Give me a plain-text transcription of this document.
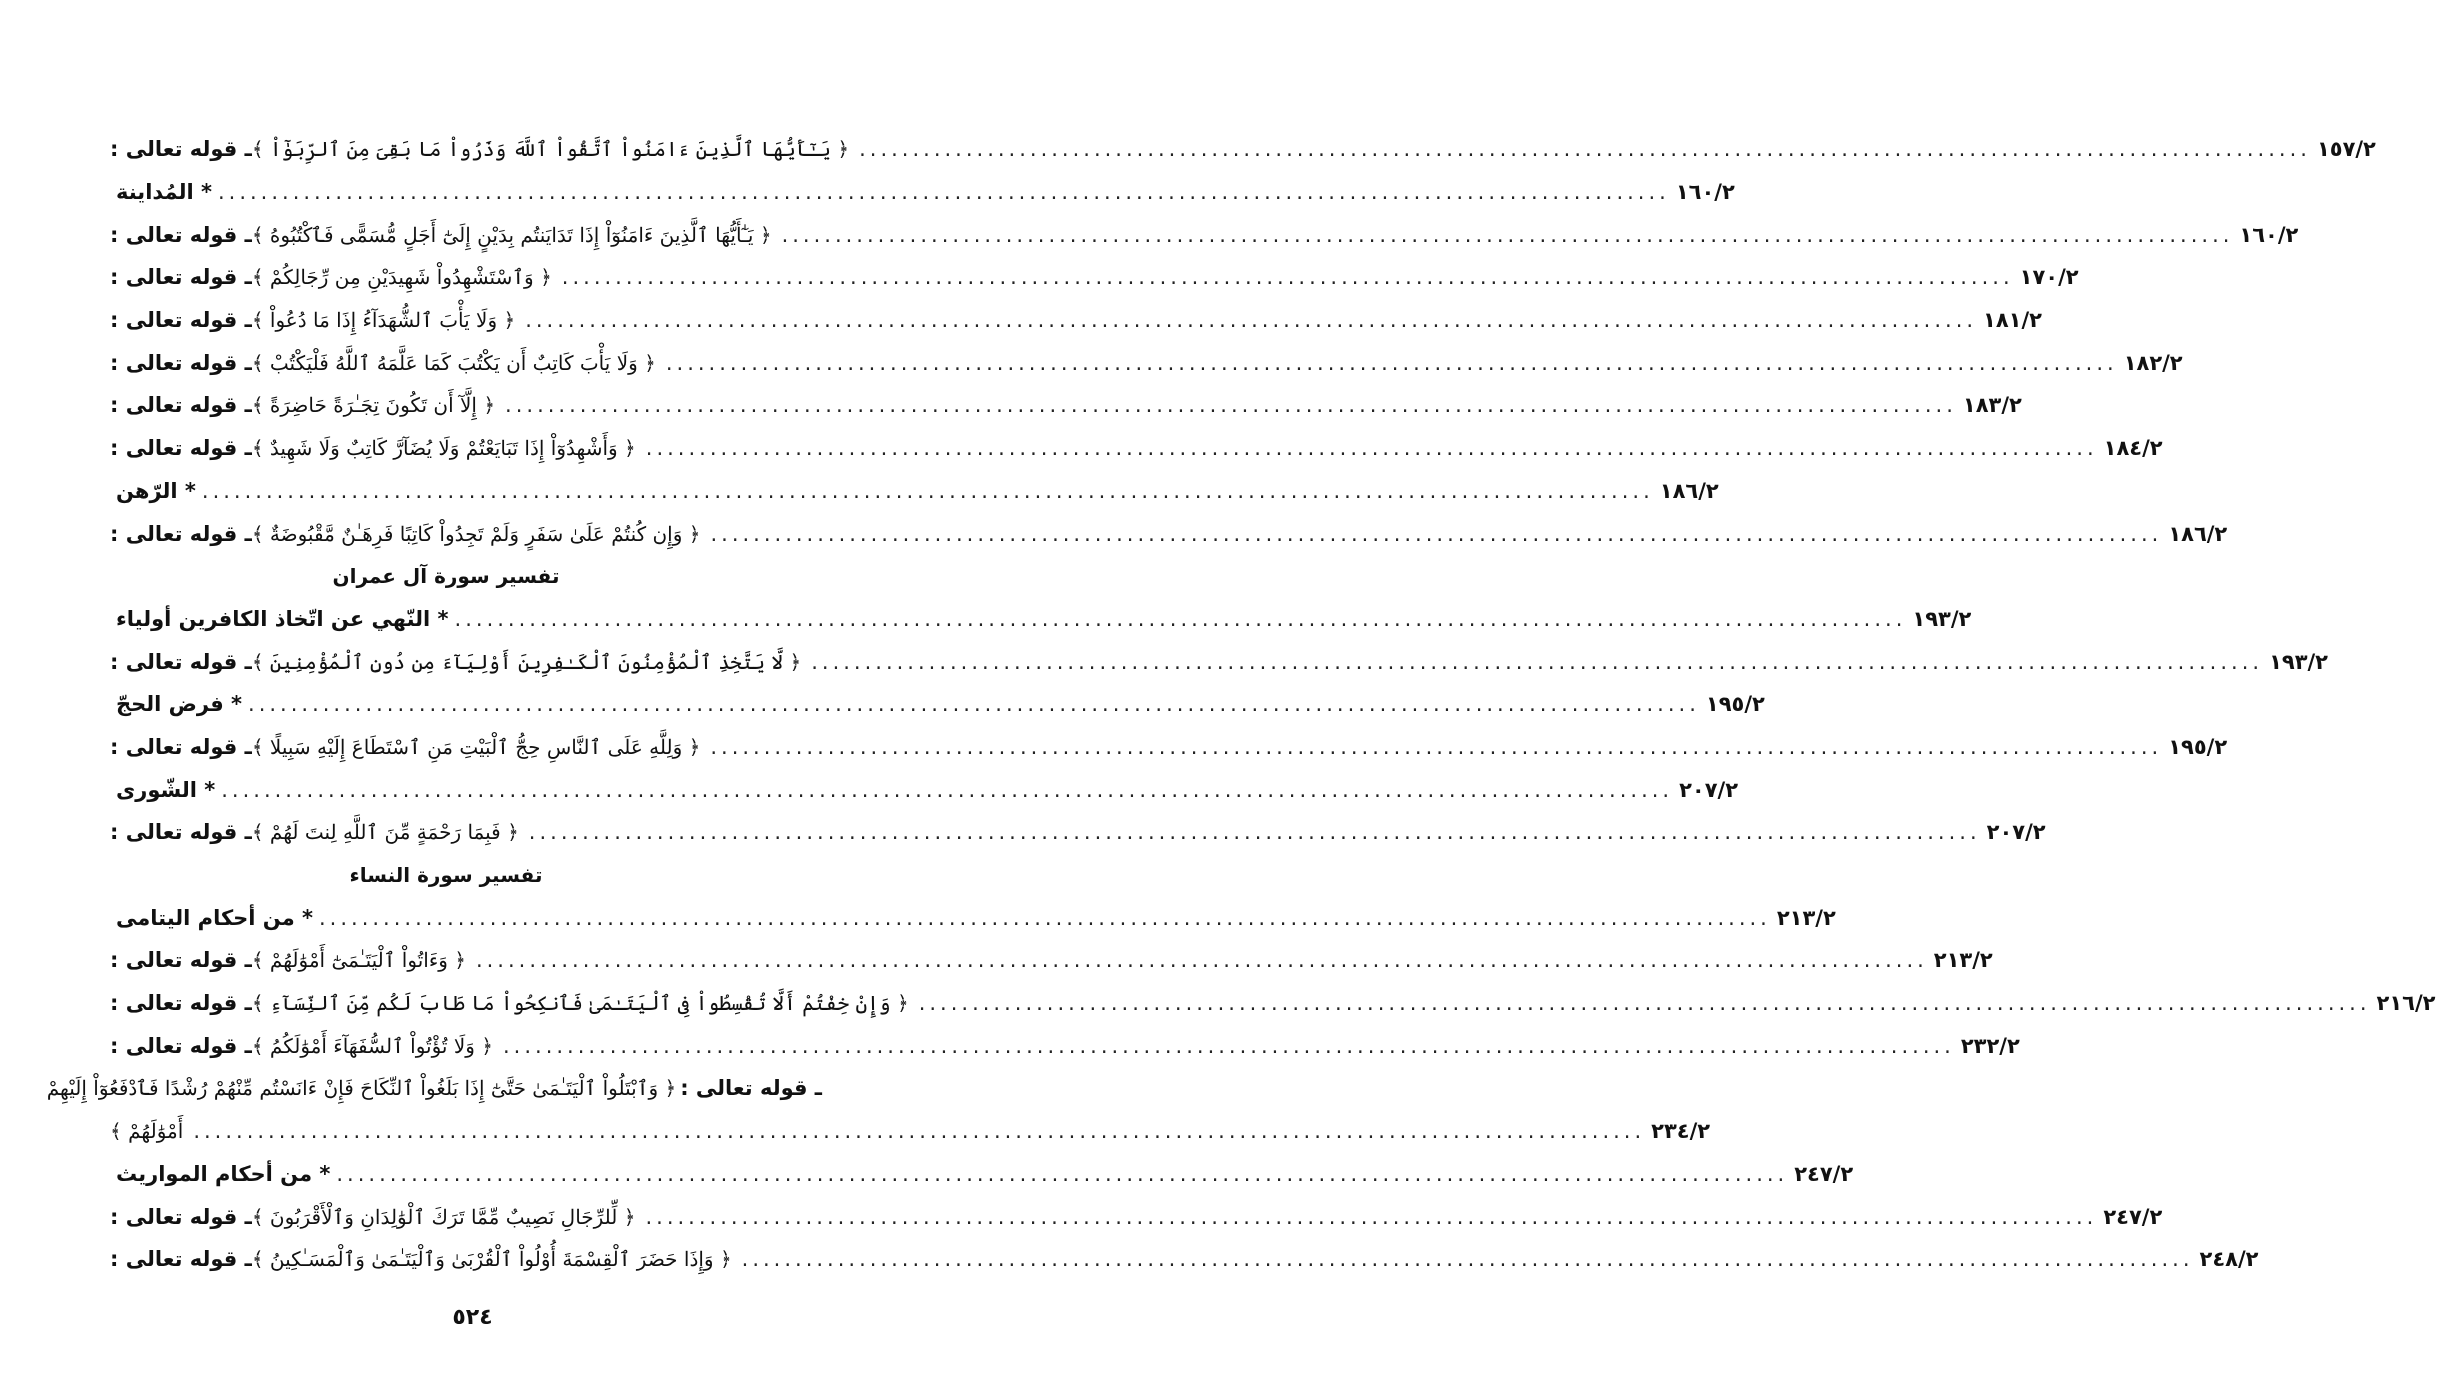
ـ قوله تعالى : ﴿ يَـٰٓأَيُّهَا ٱلَّذِينَ ءَامَنُواْ ٱتَّقُواْ ٱللَّهَ وَذَرُواْ مَا بَقِىَ مِنَ ٱلرِّبَوٰٓاْ ﴾ .....	١٥٧/٢
* المُداينة .....	١٦٠/٢
ـ قوله تعالى : ﴿ يَـٰٓأَيُّهَا ٱلَّذِينَ ءَامَنُوٓاْ إِذَا تَدَايَنتُم بِدَيْنٍ إِلَىٰٓ أَجَلٍ مُّسَمًّى فَٱكْتُبُوهُ ﴾ .....	١٦٠/٢
ـ قوله تعالى : ﴿ وَٱسْتَشْهِدُواْ شَهِيدَيْنِ مِن رِّجَالِكُمْ ﴾ .....	١٧٠/٢
ـ قوله تعالى : ﴿ وَلَا يَأْبَ ٱلشُّهَدَآءُ إِذَا مَا دُعُواْ ﴾ .....	١٨١/٢
ـ قوله تعالى : ﴿ وَلَا يَأْبَ كَاتِبٌ أَن يَكْتُبَ كَمَا عَلَّمَهُ ٱللَّهُ فَلْيَكْتُبْ ﴾ .....	١٨٢/٢
ـ قوله تعالى : ﴿ إِلَّآ أَن تَكُونَ تِجَـٰرَةً حَاضِرَةً ﴾ .....	١٨٣/٢
ـ قوله تعالى : ﴿ وَأَشْهِدُوٓاْ إِذَا تَبَايَعْتُمْ وَلَا يُضَآرَّ كَاتِبٌ وَلَا شَهِيدٌ ﴾ .....	١٨٤/٢
* الرّهن .....	١٨٦/٢
ـ قوله تعالى : ﴿ وَإِن كُنتُمْ عَلَىٰ سَفَرٍ وَلَمْ تَجِدُواْ كَاتِبًا فَرِهَـٰنٌ مَّقْبُوضَةٌ ﴾ .....	١٨٦/٢
تفسير سورة آل عمران
* النّهي عن اتّخاذ الكافرين أولياء .....	١٩٣/٢
ـ قوله تعالى : ﴿ لَّا يَتَّخِذِ ٱلْمُؤْمِنُونَ ٱلْكَـٰفِرِينَ أَوْلِيَآءَ مِن دُونِ ٱلْمُؤْمِنِينَ ﴾ .....	١٩٣/٢
* فرض الحجّ .....	١٩٥/٢
ـ قوله تعالى : ﴿ وَلِلَّهِ عَلَى ٱلنَّاسِ حِجُّ ٱلْبَيْتِ مَنِ ٱسْتَطَاعَ إِلَيْهِ سَبِيلًا ﴾ .....	١٩٥/٢
* الشّورى .....	٢٠٧/٢
ـ قوله تعالى : ﴿ فَبِمَا رَحْمَةٍ مِّنَ ٱللَّهِ لِنتَ لَهُمْ ﴾ .....	٢٠٧/٢
تفسير سورة النساء
* من أحكام اليتامى .....	٢١٣/٢
ـ قوله تعالى : ﴿ وَءَاتُواْ ٱلْيَتَـٰمَىٰٓ أَمْوَٰلَهُمْ ﴾ .....	٢١٣/٢
ـ قوله تعالى : ﴿ وَإِنْ خِفْتُمْ أَلَّا تُقْسِطُواْ فِى ٱلْيَتَـٰمَىٰ فَٱنكِحُواْ مَا طَابَ لَكُم مِّنَ ٱلنِّسَآءِ ﴾ .....	٢١٦/٢
ـ قوله تعالى : ﴿ وَلَا تُؤْتُواْ ٱلسُّفَهَآءَ أَمْوَٰلَكُمُ ﴾ .....	٢٣٢/٢
ـ قوله تعالى :
﴿ وَٱبْتَلُواْ ٱلْيَتَـٰمَىٰ حَتَّىٰٓ إِذَا بَلَغُواْ ٱلنِّكَاحَ فَإِنْ ءَانَسْتُم مِّنْهُمْ رُشْدًا فَٱدْفَعُوٓاْ إِلَيْهِمْ
أَمْوَٰلَهُمْ ﴾ .....	٢٣٤/٢
* من أحكام المواريث .....	٢٤٧/٢
ـ قوله تعالى : ﴿ لِّلرِّجَالِ نَصِيبٌ مِّمَّا تَرَكَ ٱلْوَٰلِدَانِ وَٱلْأَقْرَبُونَ ﴾ .....	٢٤٧/٢
ـ قوله تعالى : ﴿ وَإِذَا حَضَرَ ٱلْقِسْمَةَ أُوْلُواْ ٱلْقُرْبَىٰ وَٱلْيَتَـٰمَىٰ وَٱلْمَسَـٰكِينُ ﴾ .....	٢٤٨/٢
٥٢٤
